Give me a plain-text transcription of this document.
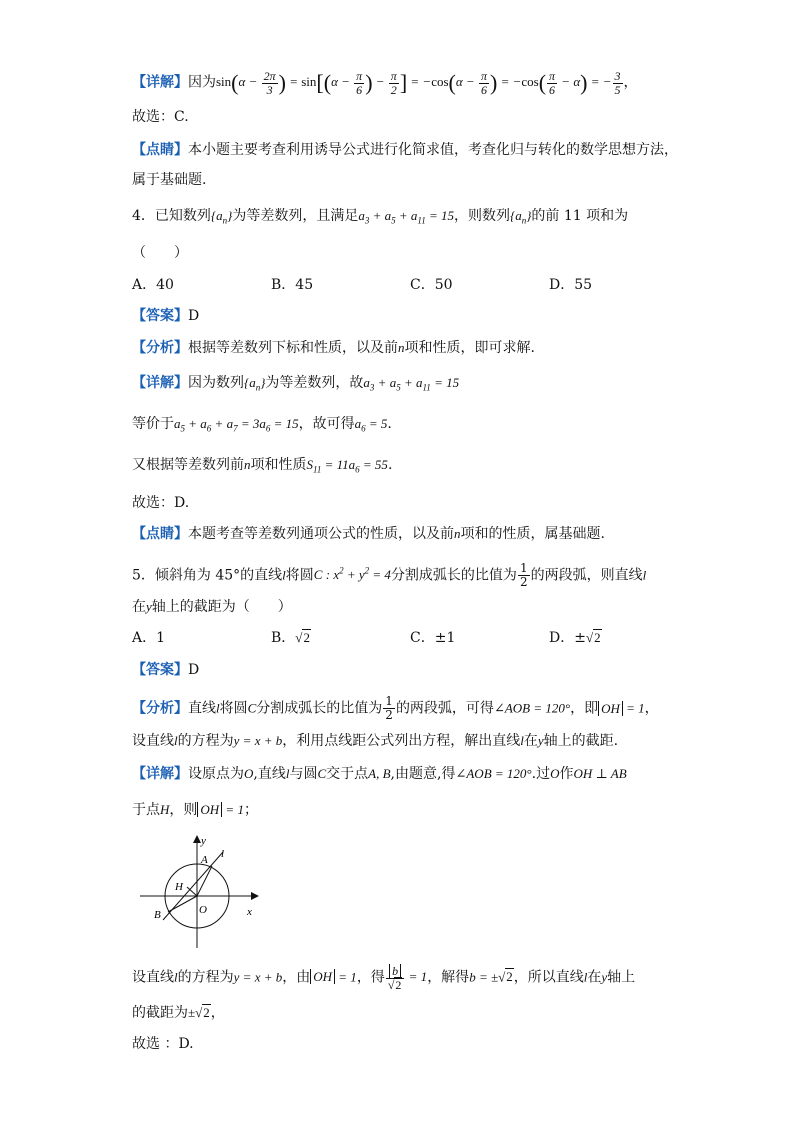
【详解】因为$\sin(\alpha - \frac{2\pi}{3}$ ) = $\sin[(\alpha - \frac{\pi}{6}$ ) − $\frac{\pi}{2}$ ] = $-\cos(\alpha - \frac{\pi}{6}$ ) = $-\cos( \frac{\pi}{6} - \alpha)$ = − $\frac{3}{5}$ ，
故选：C.
【点睛】本小题主要考查利用诱导公式进行化简求值，考查化归与转化的数学思想方法，
属于基础题.
4．已知数列$\{a_n\}$为等差数列，且满足$a_3 + a_5 + a_{11} = 15$，则数列$\{a_n\}$的前 11 项和为
（　　）
A．40	B．45	C．50	D．55
【答案】D
【分析】根据等差数列下标和性质，以及前n项和性质，即可求解.
【详解】因为数列$\{a_n\}$为等差数列，故$a_3 + a_5 + a_{11} = 15$
等价于$a_5 + a_6 + a_7 = 3a_6 = 15$，故可得$a_6 = 5$.
又根据等差数列前n项和性质$S_{11} = 11a_6 = 55$.
故选：D.
【点睛】本题考查等差数列通项公式的性质，以及前n项和的性质，属基础题.
5．倾斜角为 45°的直线l将圆C : $x^2 + y^2 = 4$分割成弧长的比值为 $\frac{1}{2}$ 的两段弧，则直线l
在y轴上的截距为（　　）
A．1	B．√2	C．±1	D．±√2
【答案】D
【分析】直线l将圆C分割成弧长的比值为 $\frac{1}{2}$ 的两段弧，可得∠AOB = 120°，即 OH = 1，
设直线l的方程为y = x + b，利用点线距公式列出方程，解出直线l在y轴上的截距.
【详解】设原点为O,直线l与圆C交于点A, B,由题意,得∠AOB = 120°.过O作OH ⊥ AB
于点H，则 OH = 1；
y
x
A l
H
O
B
设直线l的方程为y = x + b，由 OH = 1，得 $\frac{b}{√2} = 1$，解得b = ±√2，所以直线l在y轴上
的截距为±√2，
故选 ：D.
